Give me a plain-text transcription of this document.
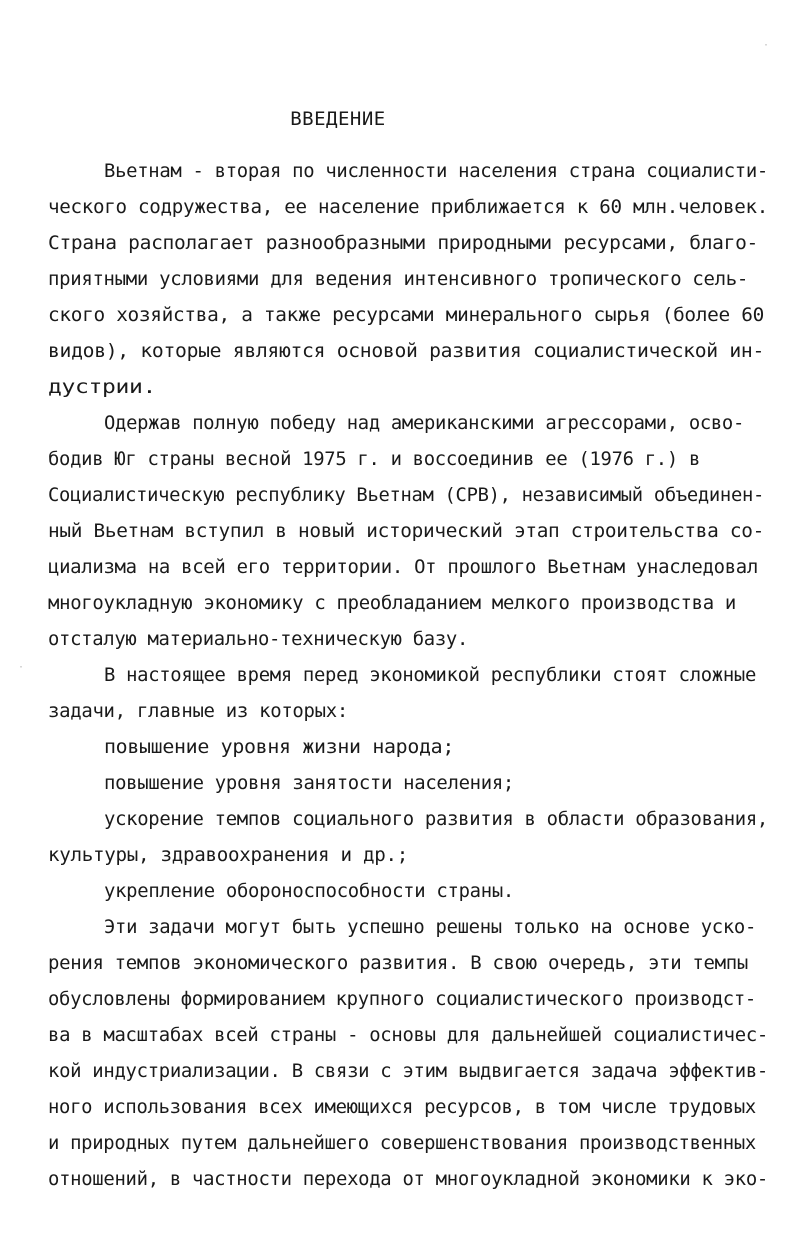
ВВЕДЕНИЕ
Вьетнам - вторая по численности населения страна социалисти-
ческого содружества, ее население приближается к 60 млн.человек.
Страна располагает разнообразными природными ресурсами, благо-
приятными условиями для ведения интенсивного тропического сель-
ского хозяйства, а также ресурсами минерального сырья (более 60
видов), которые являются основой развития социалистической ин-
дустрии.
Одержав полную победу над американскими агрессорами, осво-
бодив Юг страны весной 1975 г. и воссоединив ее (1976 г.) в
Социалистическую республику Вьетнам (СРВ), независимый объединен-
ный Вьетнам вступил в новый исторический этап строительства со-
циализма на всей его территории. От прошлого Вьетнам унаследовал
многоукладную экономику с преобладанием мелкого производства и
отсталую материально-техническую базу.
В настоящее время перед экономикой республики стоят сложные
задачи, главные из которых:
повышение уровня жизни народа;
повышение уровня занятости населения;
ускорение темпов социального развития в области образования,
культуры, здравоохранения и др.;
укрепление обороноспособности страны.
Эти задачи могут быть успешно решены только на основе уско-
рения темпов экономического развития. В свою очередь, эти темпы
обусловлены формированием крупного социалистического производст-
ва в масштабах всей страны - основы для дальнейшей социалистичес-
кой индустриализации. В связи с этим выдвигается задача эффектив-
ного использования всех имеющихся ресурсов, в том числе трудовых
и природных путем дальнейшего совершенствования производственных
отношений, в частности перехода от многоукладной экономики к эко-
·
·
